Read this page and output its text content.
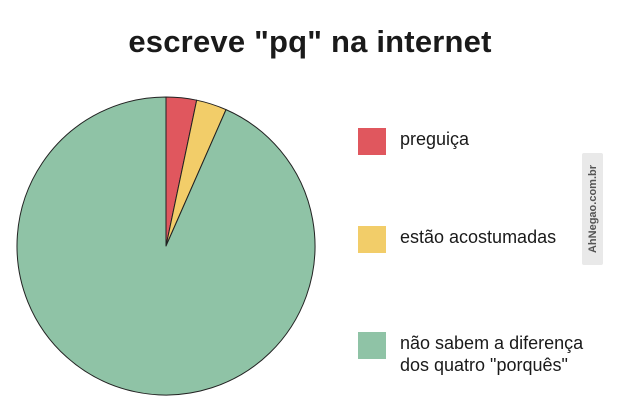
escreve "pq" na internet
preguiça
estão acostumadas
não sabem a diferença dos quatro "porquês"
AhNegao.com.br
